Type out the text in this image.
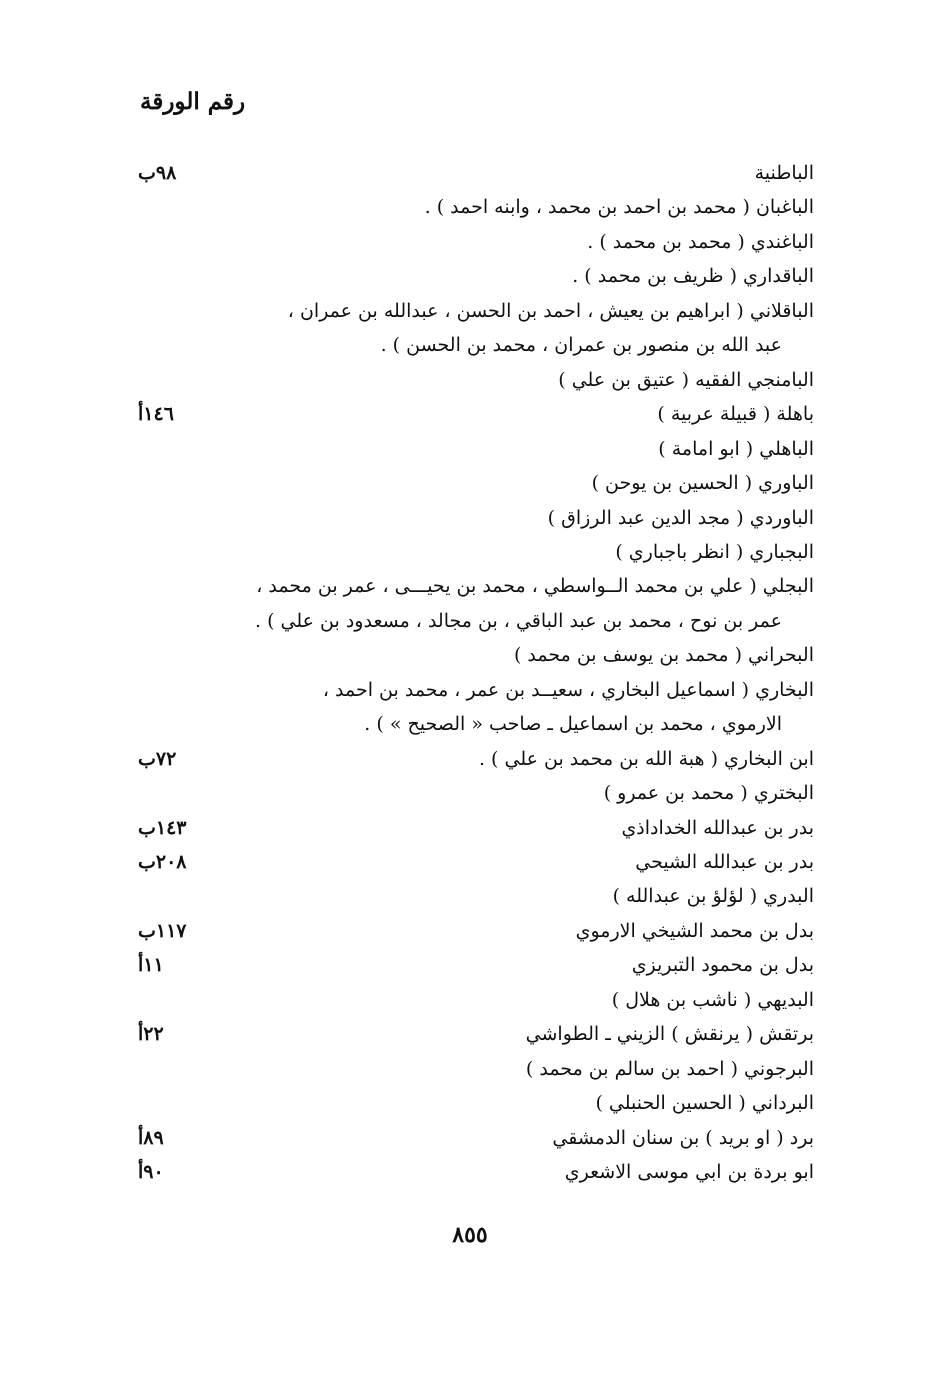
رقم الورقة
الباطنية
٩٨ب
الباغبان ( محمد بن احمد بن محمد ، وابنه احمد ) .
الباغندي ( محمد بن محمد ) .
الباقداري ( ظريف بن محمد ) .
الباقلاني ( ابراهيم بن يعيش ، احمد بن الحسن ، عبدالله بن عمران ،
عبد الله بن منصور بن عمران ، محمد بن الحسن ) .
البامنجي الفقيه ( عتيق بن علي )
باهلة ( قبيلة عربية )
١٤٦أ
الباهلي ( ابو امامة )
الباوري ( الحسين بن يوحن )
الباوردي ( مجد الدين عبد الرزاق )
البجباري ( انظر باجباري )
البجلي ( علي بن محمد الــواسطي ، محمد بن يحيـــى ، عمر بن محمد ،
عمر بن نوح ، محمد بن عبد الباقي ، بن مجالد ، مسعدود بن علي ) .
البحراني ( محمد بن يوسف بن محمد )
البخاري ( اسماعيل البخاري ، سعيــد بن عمر ، محمد بن احمد ،
الارموي ، محمد بن اسماعيل ـ صاحب « الصحيح » ) .
ابن البخاري ( هبة الله بن محمد بن علي ) .
٧٢ب
البختري ( محمد بن عمرو )
بدر بن عبدالله الخداداذي
١٤٣ب
بدر بن عبدالله الشيحي
٢٠٨ب
البدري ( لؤلؤ بن عبدالله )
بدل بن محمد الشيخي الارموي
١١٧ب
بدل بن محمود التبريزي
١١أ
البديهي ( ناشب بن هلال )
برتقش ( يرنقش ) الزيني ـ الطواشي
٢٢أ
البرجوني ( احمد بن سالم بن محمد )
البرداني ( الحسين الحنبلي )
برد ( او بريد ) بن سنان الدمشقي
٨٩أ
ابو بردة بن ابي موسى الاشعري
٩٠أ
٨٥٥
